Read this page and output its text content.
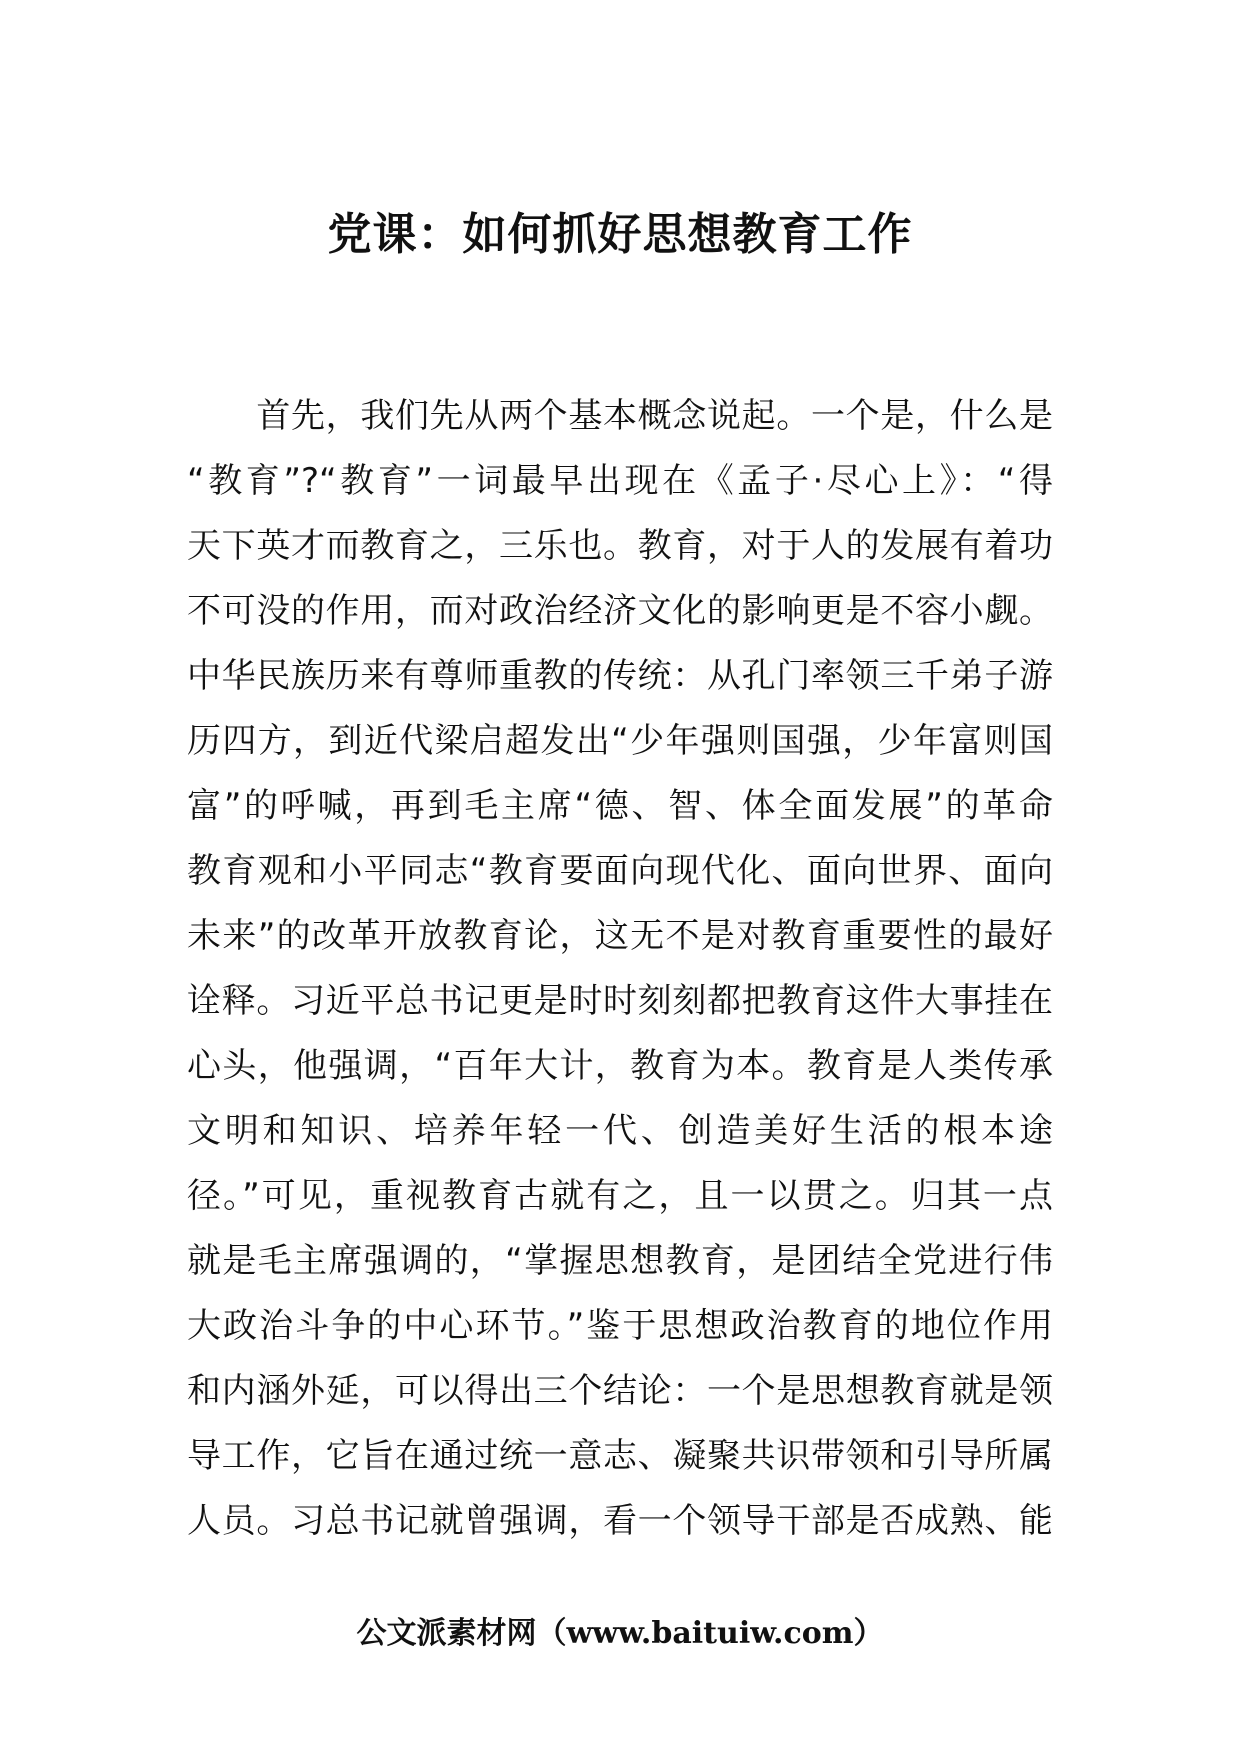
党课：如何抓好思想教育工作
　　首先，我们先从两个基本概念说起。一个是，什么是
“教育”?“教育”一词最早出现在《孟子·尽心上》：“得
天下英才而教育之，三乐也。教育，对于人的发展有着功
不可没的作用，而对政治经济文化的影响更是不容小觑。
中华民族历来有尊师重教的传统：从孔门率领三千弟子游
历四方，到近代梁启超发出“少年强则国强，少年富则国
富”的呼喊，再到毛主席“德、智、体全面发展”的革命
教育观和小平同志“教育要面向现代化、面向世界、面向
未来”的改革开放教育论，这无不是对教育重要性的最好
诠释。习近平总书记更是时时刻刻都把教育这件大事挂在
心头，他强调，“百年大计，教育为本。教育是人类传承
文明和知识、培养年轻一代、创造美好生活的根本途
径。”可见，重视教育古就有之，且一以贯之。归其一点
就是毛主席强调的，“掌握思想教育，是团结全党进行伟
大政治斗争的中心环节。”鉴于思想政治教育的地位作用
和内涵外延，可以得出三个结论：一个是思想教育就是领
导工作，它旨在通过统一意志、凝聚共识带领和引导所属
人员。习总书记就曾强调，看一个领导干部是否成熟、能
公文派素材网（www.baituiw.com）
